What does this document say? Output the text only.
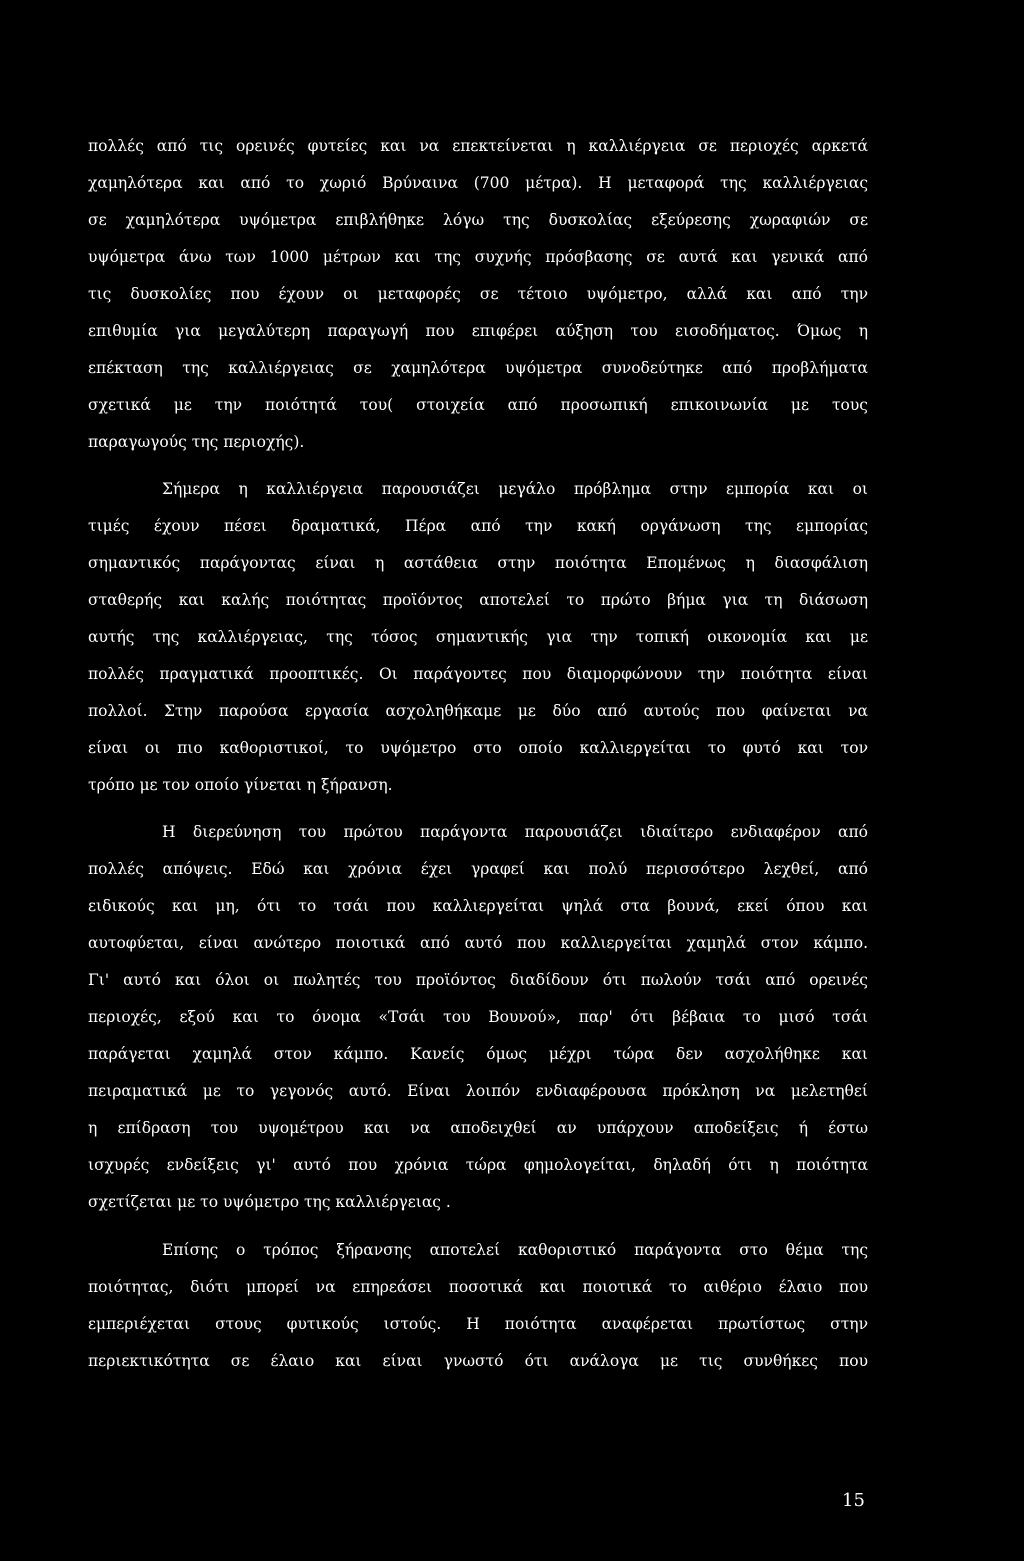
πολλές από τις ορεινές φυτείες και να επεκτείνεται η καλλιέργεια σε περιοχές αρκετά

χαμηλότερα και από το χωριό Βρύναινα (700 μέτρα). Η μεταφορά της καλλιέργειας

σε χαμηλότερα υψόμετρα επιβλήθηκε λόγω της δυσκολίας εξεύρεσης χωραφιών σε

υψόμετρα άνω των 1000 μέτρων και της συχνής πρόσβασης σε αυτά και γενικά από

τις δυσκολίες που έχουν οι μεταφορές σε τέτοιο υψόμετρο, αλλά και από την

επιθυμία για μεγαλύτερη παραγωγή που επιφέρει αύξηση του εισοδήματος. Όμως η

επέκταση της καλλιέργειας σε χαμηλότερα υψόμετρα συνοδεύτηκε από προβλήματα

σχετικά με την ποιότητά του( στοιχεία από προσωπική επικοινωνία με τους

παραγωγούς της περιοχής).

Σήμερα η καλλιέργεια παρουσιάζει μεγάλο πρόβλημα στην εμπορία και οι

τιμές έχουν πέσει δραματικά, Πέρα από την κακή οργάνωση της εμπορίας

σημαντικός παράγοντας είναι η αστάθεια στην ποιότητα Επομένως η διασφάλιση

σταθερής και καλής ποιότητας προϊόντος αποτελεί το πρώτο βήμα για τη διάσωση

αυτής της καλλιέργειας, της τόσος σημαντικής για την τοπική οικονομία και με

πολλές πραγματικά προοπτικές. Οι παράγοντες που διαμορφώνουν την ποιότητα είναι

πολλοί. Στην παρούσα εργασία ασχοληθήκαμε με δύο από αυτούς που φαίνεται να

είναι οι πιο καθοριστικοί, το υψόμετρο στο οποίο καλλιεργείται το φυτό και τον

τρόπο με τον οποίο γίνεται η ξήρανση.

Η διερεύνηση του πρώτου παράγοντα παρουσιάζει ιδιαίτερο ενδιαφέρον από

πολλές απόψεις. Εδώ και χρόνια έχει γραφεί και πολύ περισσότερο λεχθεί, από

ειδικούς και μη, ότι το τσάι που καλλιεργείται ψηλά στα βουνά, εκεί όπου και

αυτοφύεται, είναι ανώτερο ποιοτικά από αυτό που καλλιεργείται χαμηλά στον κάμπο.

Γι' αυτό και όλοι οι πωλητές του προϊόντος διαδίδουν ότι πωλούν τσάι από ορεινές

περιοχές, εξού και το όνομα «Τσάι του Βουνού», παρ' ότι βέβαια το μισό τσάι

παράγεται χαμηλά στον κάμπο. Κανείς όμως μέχρι τώρα δεν ασχολήθηκε και

πειραματικά με το γεγονός αυτό. Είναι λοιπόν ενδιαφέρουσα πρόκληση να μελετηθεί

η επίδραση του υψομέτρου και να αποδειχθεί αν υπάρχουν αποδείξεις ή έστω

ισχυρές ενδείξεις γι' αυτό που χρόνια τώρα φημολογείται, δηλαδή ότι η ποιότητα

σχετίζεται με το υψόμετρο της καλλιέργειας .

Επίσης ο τρόπος ξήρανσης αποτελεί καθοριστικό παράγοντα στο θέμα της

ποιότητας, διότι μπορεί να επηρεάσει ποσοτικά και ποιοτικά το αιθέριο έλαιο που

εμπεριέχεται στους φυτικούς ιστούς. Η ποιότητα αναφέρεται πρωτίστως στην

περιεκτικότητα σε έλαιο και είναι γνωστό ότι ανάλογα με τις συνθήκες που

15
